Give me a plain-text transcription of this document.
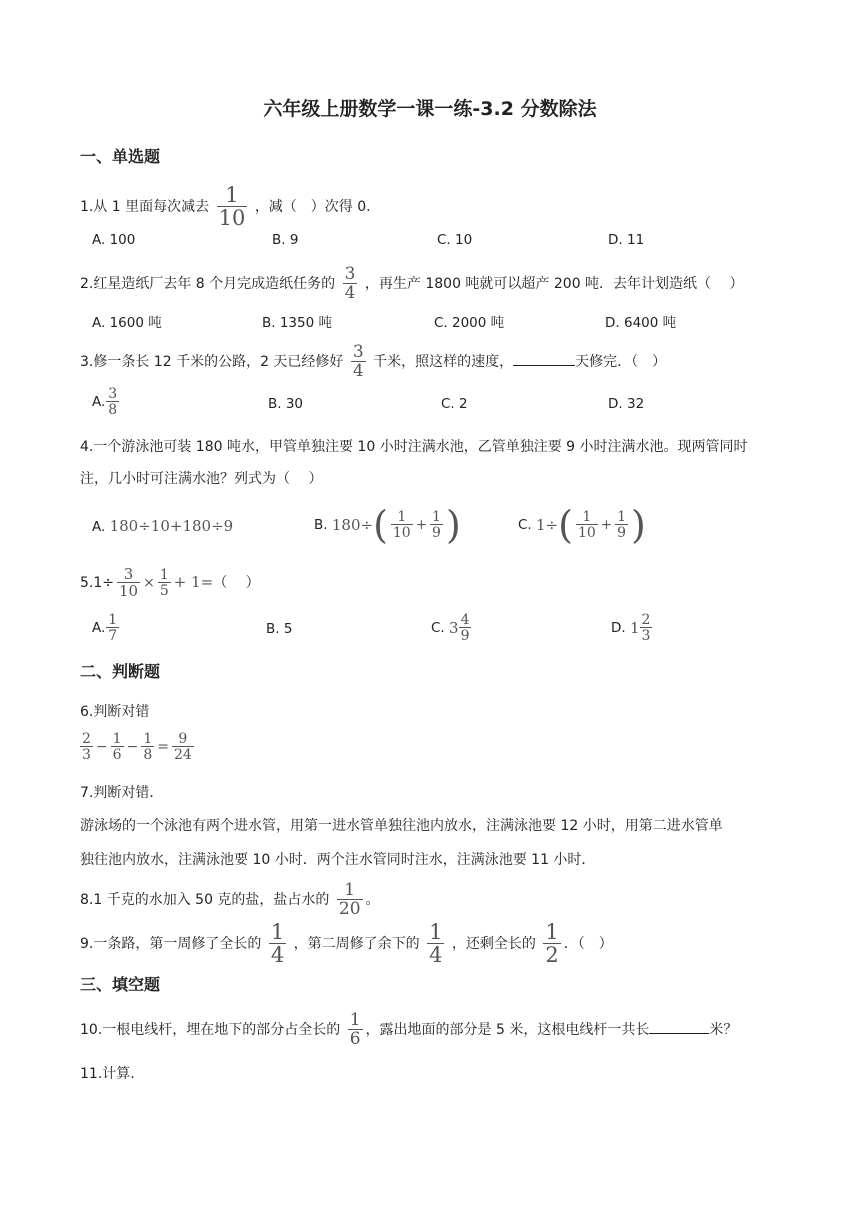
六年级上册数学一课一练-3.2 分数除法
一、单选题
1.从 1 里面每次减去 $\frac{1}{10}$ ，减（　）次得 0.
A. 100	B. 9	C. 10	D. 11
2.红星造纸厂去年 8 个月完成造纸任务的 $\frac{3}{4}$ ，再生产 1800 吨就可以超产 200 吨．去年计划造纸（　 ）
A. 1600 吨	B. 1350 吨	C. 2000 吨	D. 6400 吨
3.修一条长 12 千米的公路，2 天已经修好 $\frac{3}{4}$ 千米，照这样的速度，	天修完．（　）
A. $\frac{3}{8}$	B. 30	C. 2	D. 32
4.一个游泳池可装 180 吨水，甲管单独注要 10 小时注满水池，乙管单独注要 9 小时注满水池。现两管同时
注，几小时可注满水池？列式为（　 ）
A. 180÷10+180÷9	B. $180\div( \frac{1}{10} + \frac{1}{9}$ )	C. $1\div( \frac{1}{10} + \frac{1}{9}$ )
$5.1\div \frac{3}{10} \times \frac{1}{5} + 1=$（　 ）
A. $\frac{1}{7}$	B. 5	C. $3 \frac{4}{9}$	D. $1 \frac{2}{3}$
二、判断题
6.判断对错
$\frac{2}{3} - \frac{1}{6} - \frac{1}{8} = \frac{9}{24}$
7.判断对错．
游泳场的一个泳池有两个进水管，用第一进水管单独往池内放水，注满泳池要 12 小时，用第二进水管单
独往池内放水，注满泳池要 10 小时．两个注水管同时注水，注满泳池要 11 小时．
8.1 千克的水加入 50 克的盐，盐占水的 $\frac{1}{20}$ 。
9.一条路，第一周修了全长的 $\frac{1}{4}$ ，第二周修了余下的 $\frac{1}{4}$ ，还剩全长的 $\frac{1}{2}$ ．（　）
三、填空题
10.一根电线杆，埋在地下的部分占全长的 $\frac{1}{6}$ ，露出地面的部分是 5 米，这根电线杆一共长	米？
11.计算.
